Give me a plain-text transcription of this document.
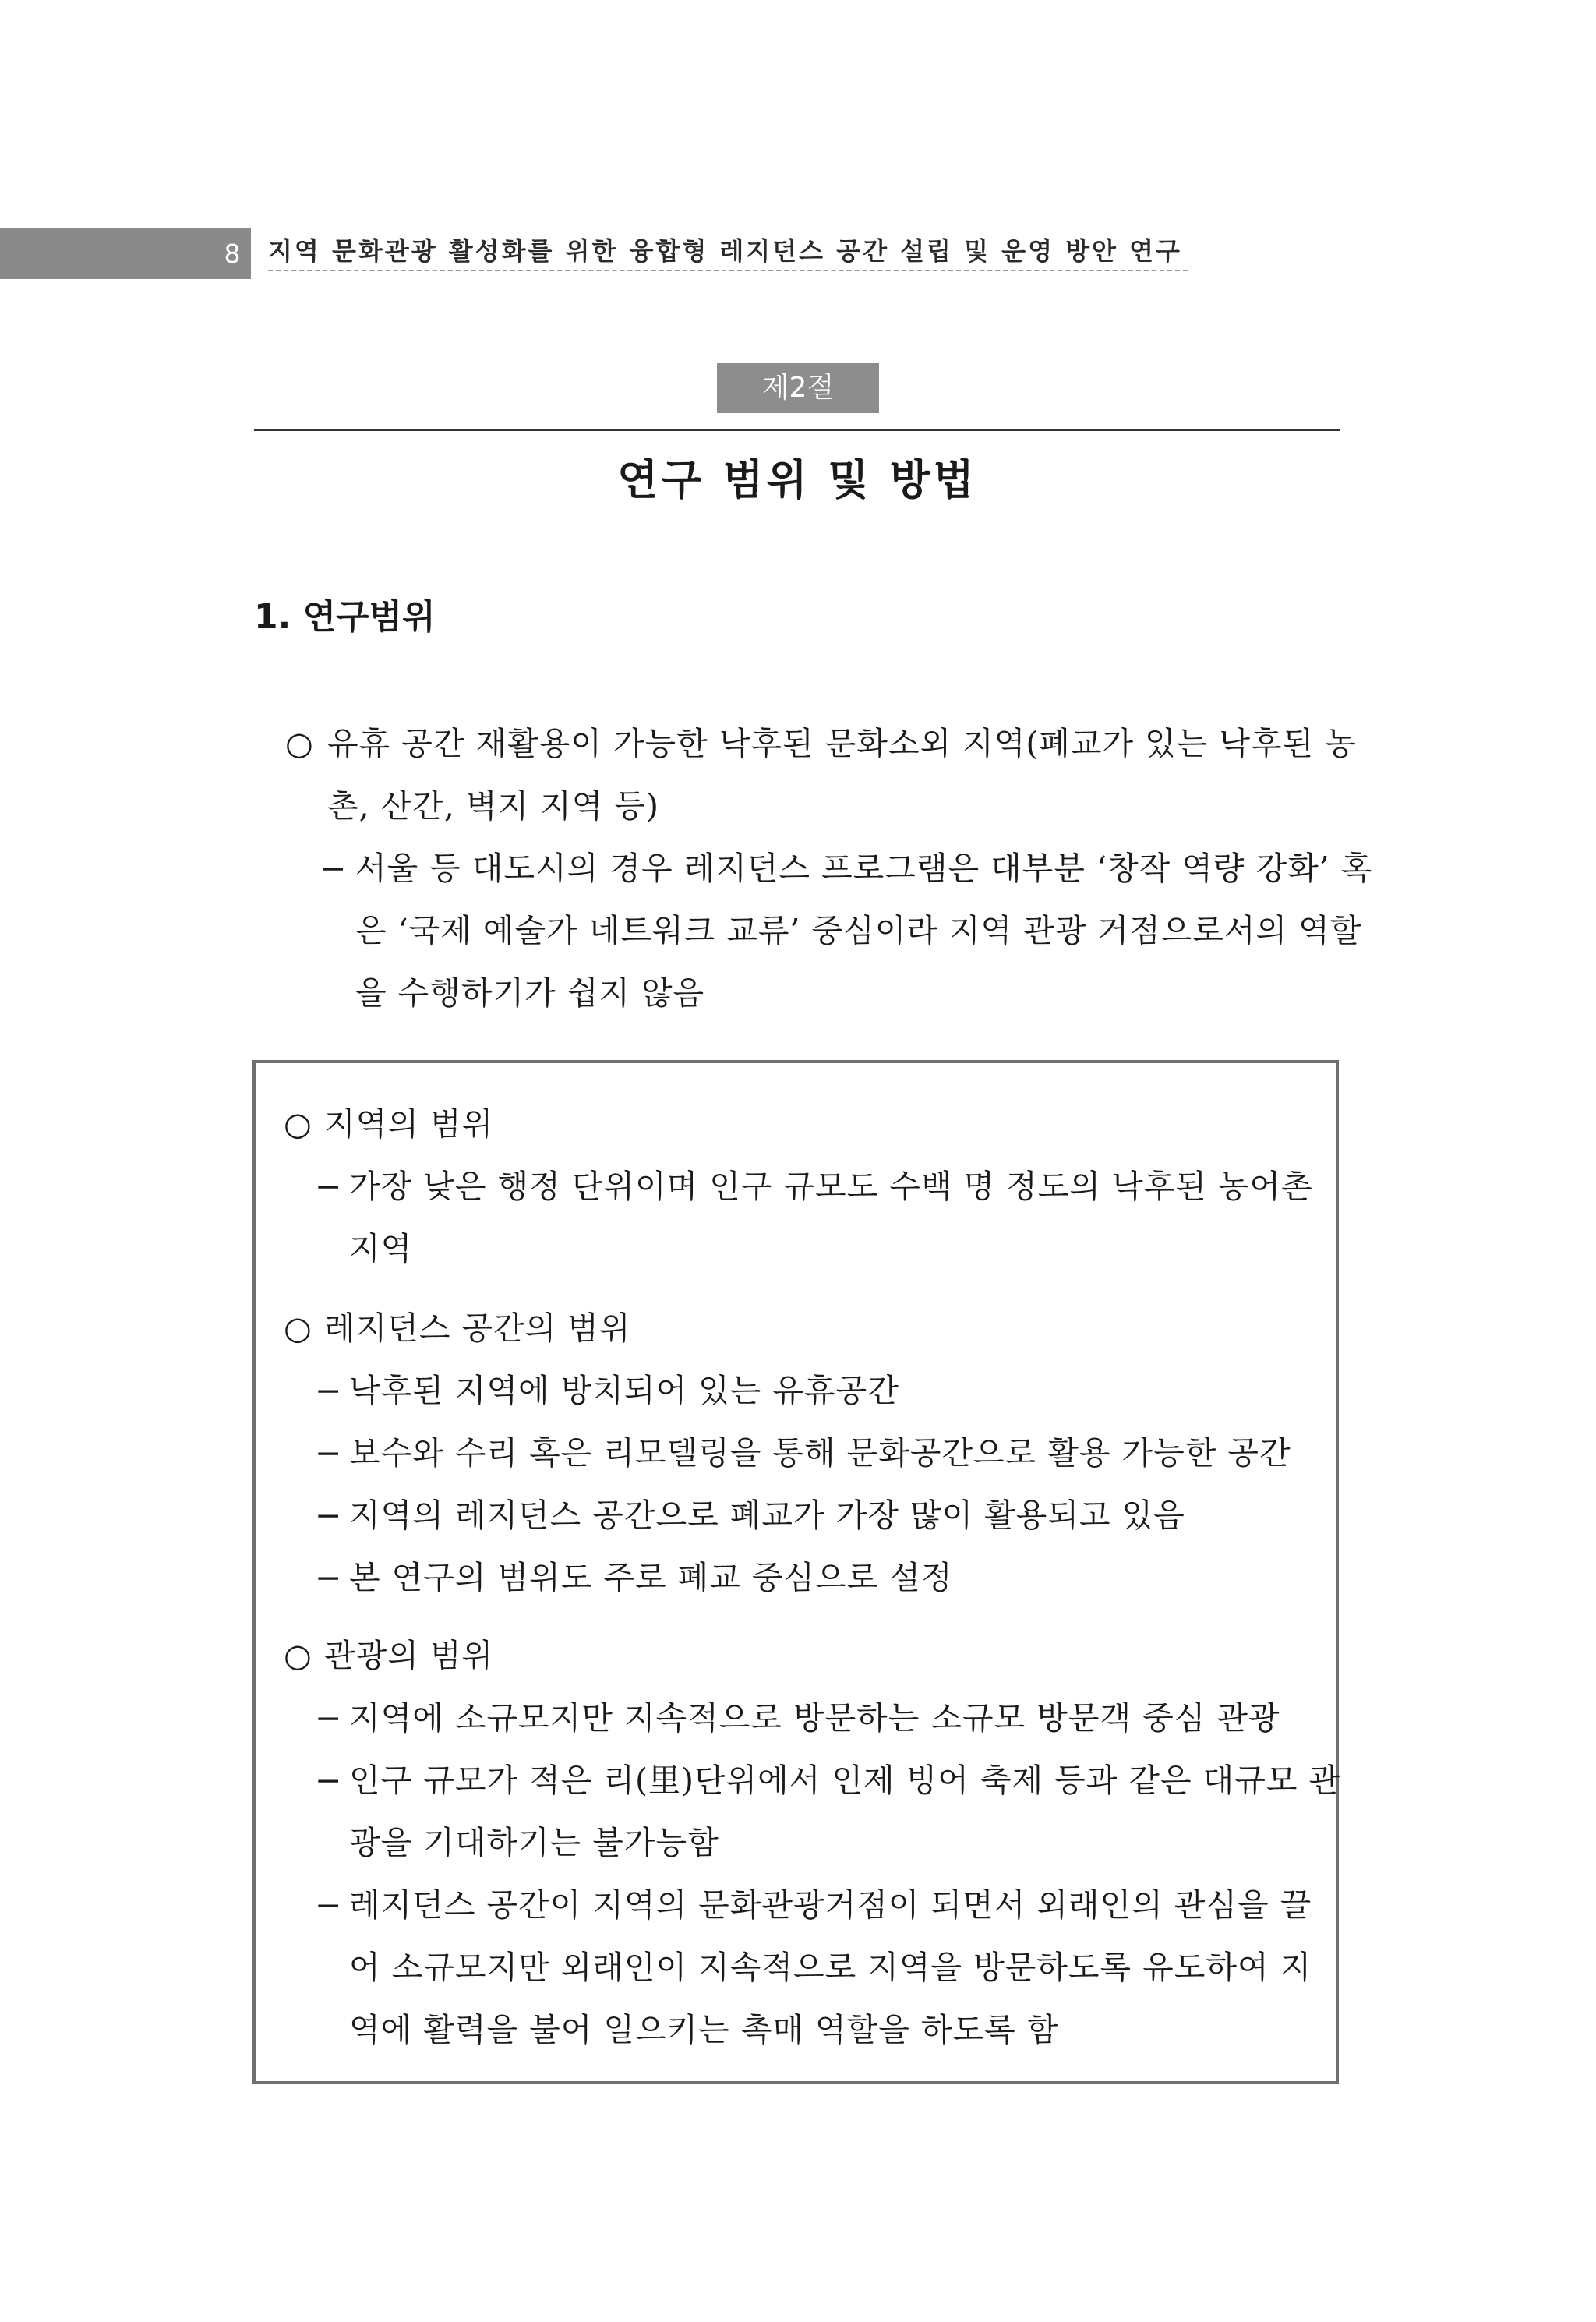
8 지역 문화관광 활성화를 위한 융합형 레지던스 공간 설립 및 운영 방안 연구
제2절
연구 범위 및 방법
1. 연구범위
○ 유휴 공간 재활용이 가능한 낙후된 문화소외 지역(폐교가 있는 낙후된 농
촌, 산간, 벽지 지역 등)
− 서울 등 대도시의 경우 레지던스 프로그램은 대부분 ‘창작 역량 강화’ 혹
은 ‘국제 예술가 네트워크 교류’ 중심이라 지역 관광 거점으로서의 역할
을 수행하기가 쉽지 않음
○ 지역의 범위
− 가장 낮은 행정 단위이며 인구 규모도 수백 명 정도의 낙후된 농어촌
지역
○ 레지던스 공간의 범위
− 낙후된 지역에 방치되어 있는 유휴공간
− 보수와 수리 혹은 리모델링을 통해 문화공간으로 활용 가능한 공간
− 지역의 레지던스 공간으로 폐교가 가장 많이 활용되고 있음
− 본 연구의 범위도 주로 폐교 중심으로 설정
○ 관광의 범위
− 지역에 소규모지만 지속적으로 방문하는 소규모 방문객 중심 관광
− 인구 규모가 적은 리(里)단위에서 인제 빙어 축제 등과 같은 대규모 관
광을 기대하기는 불가능함
− 레지던스 공간이 지역의 문화관광거점이 되면서 외래인의 관심을 끌
어 소규모지만 외래인이 지속적으로 지역을 방문하도록 유도하여 지
역에 활력을 불어 일으키는 촉매 역할을 하도록 함
